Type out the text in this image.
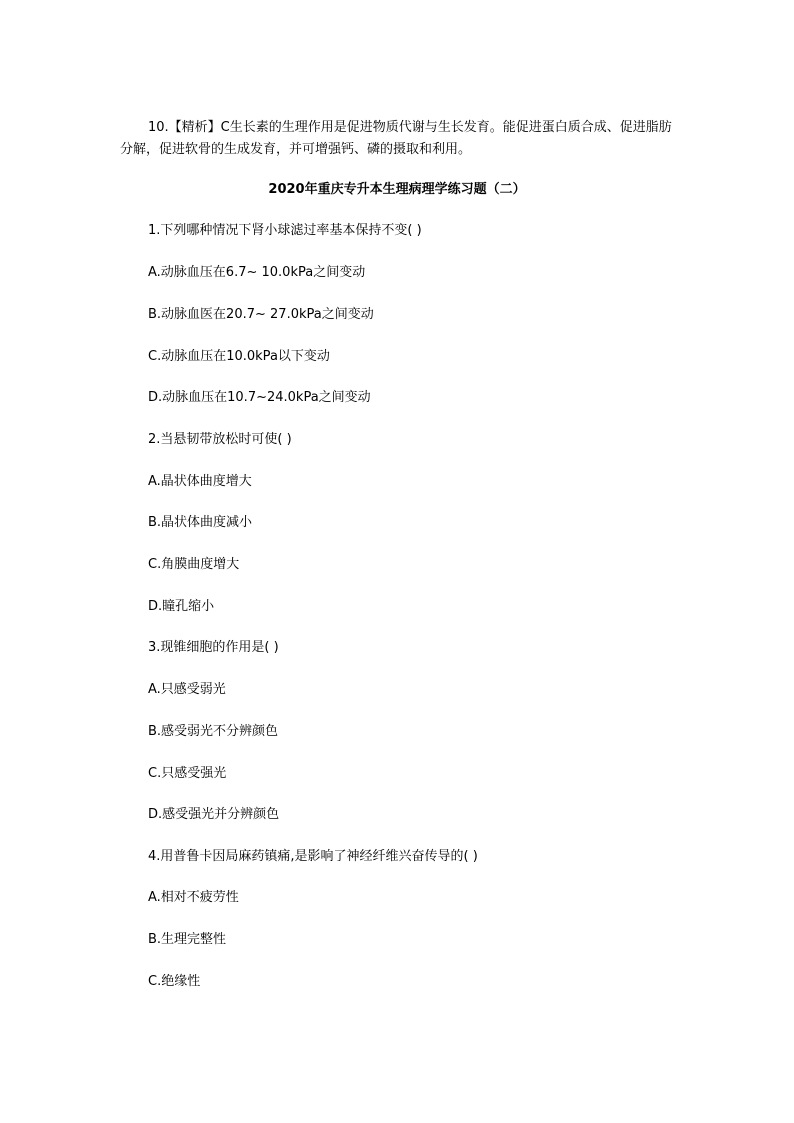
10.【精析】C生长素的生理作用是促进物质代谢与生长发育。能促进蛋白质合成、促进脂肪分解，促进软骨的生成发育，并可增强钙、磷的摄取和利用。

2020年重庆专升本生理病理学练习题（二）

1.下列哪种情况下肾小球滤过率基本保持不变( )

A.动脉血压在6.7~ 10.0kPa之间变动

B.动脉血医在20.7~ 27.0kPa之间变动

C.动脉血压在10.0kPa以下变动

D.动脉血压在10.7~24.0kPa之间变动

2.当悬韧带放松时可使( )

A.晶状体曲度增大

B.晶状体曲度减小

C.角膜曲度增大

D.瞳孔缩小

3.现锥细胞的作用是( )

A.只感受弱光

B.感受弱光不分辨颜色

C.只感受强光

D.感受强光并分辨颜色

4.用普鲁卡因局麻药镇痛,是影响了神经纤维兴奋传导的( )

A.相对不疲劳性

B.生理完整性

C.绝缘性
